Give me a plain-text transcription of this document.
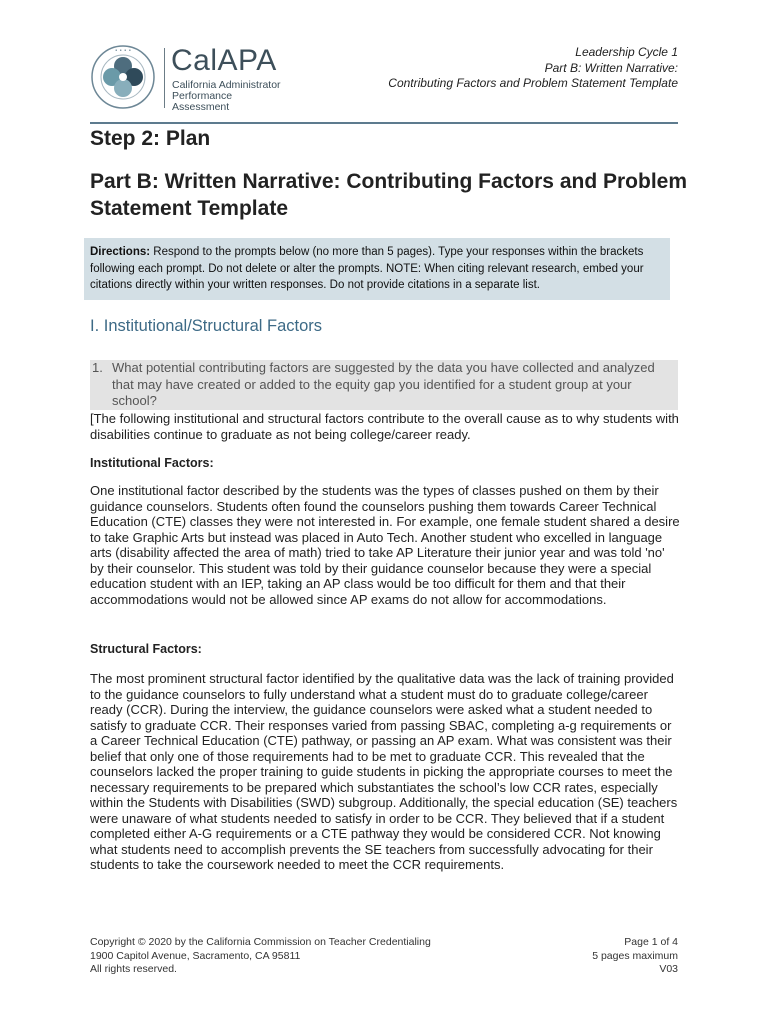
• • • • CalAPA
California Administrator
Performance Assessment
Leadership Cycle 1
Part B: Written Narrative:
Contributing Factors and Problem Statement Template
Step 2: Plan
Part B: Written Narrative: Contributing Factors and Problem Statement Template
Directions: Respond to the prompts below (no more than 5 pages). Type your responses within the brackets following each prompt. Do not delete or alter the prompts. NOTE: When citing relevant research, embed your citations directly within your written responses. Do not provide citations in a separate list.
I. Institutional/Structural Factors
1. What potential contributing factors are suggested by the data you have collected and analyzed that may have created or added to the equity gap you identified for a student group at your school?
[The following institutional and structural factors contribute to the overall cause as to why students with disabilities continue to graduate as not being college/career ready.
Institutional Factors:
One institutional factor described by the students was the types of classes pushed on them by their guidance counselors. Students often found the counselors pushing them towards Career Technical Education (CTE) classes they were not interested in. For example, one female student shared a desire to take Graphic Arts but instead was placed in Auto Tech. Another student who excelled in language arts (disability affected the area of math) tried to take AP Literature their junior year and was told 'no' by their counselor. This student was told by their guidance counselor because they were a special education student with an IEP, taking an AP class would be too difficult for them and that their accommodations would not be allowed since AP exams do not allow for accommodations.
Structural Factors:
The most prominent structural factor identified by the qualitative data was the lack of training provided to the guidance counselors to fully understand what a student must do to graduate college/career ready (CCR). During the interview, the guidance counselors were asked what a student needed to satisfy to graduate CCR. Their responses varied from passing SBAC, completing a-g requirements or a Career Technical Education (CTE) pathway, or passing an AP exam. What was consistent was their belief that only one of those requirements had to be met to graduate CCR. This revealed that the counselors lacked the proper training to guide students in picking the appropriate courses to meet the necessary requirements to be prepared which substantiates the school’s low CCR rates, especially within the Students with Disabilities (SWD) subgroup. Additionally, the special education (SE) teachers were unaware of what students needed to satisfy in order to be CCR. They believed that if a student completed either A-G requirements or a CTE pathway they would be considered CCR. Not knowing what students need to accomplish prevents the SE teachers from successfully advocating for their students to take the coursework needed to meet the CCR requirements.
Copyright © 2020 by the California Commission on Teacher Credentialing
1900 Capitol Avenue, Sacramento, CA 95811
All rights reserved.
Page 1 of 4
5 pages maximum
V03
